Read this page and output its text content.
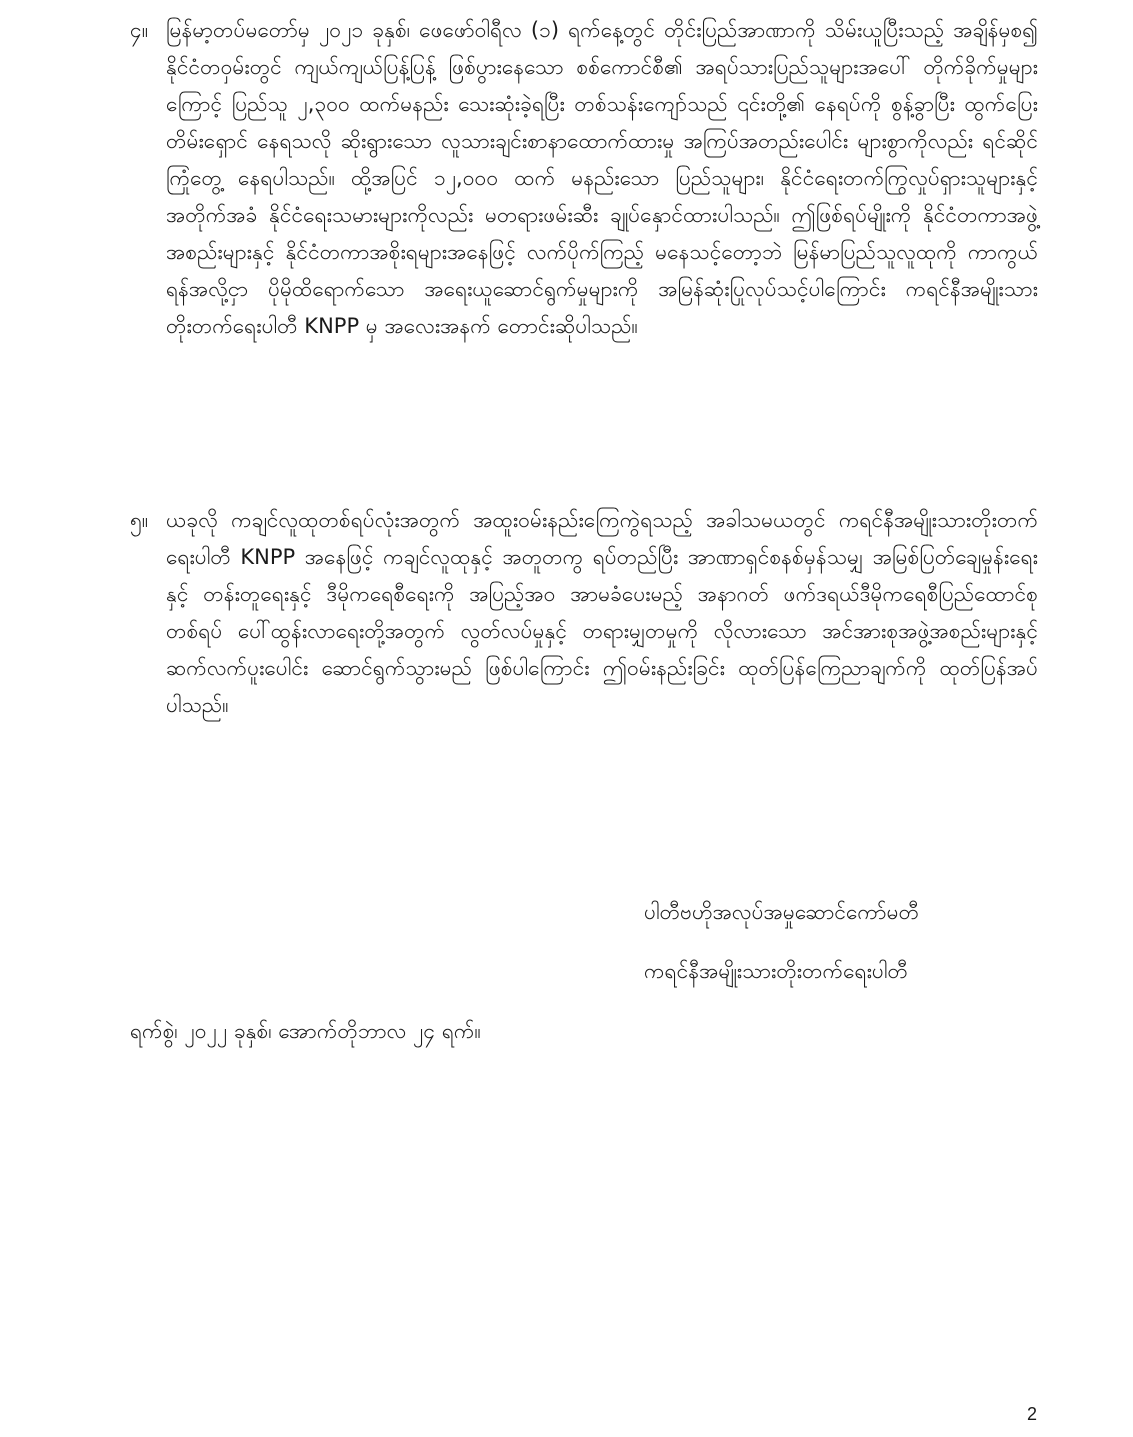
၄။ မြန်မာ့တပ်မတော်မှ ၂၀၂၁ ခုနှစ်၊ ဖေဖော်ဝါရီလ (၁) ရက်နေ့တွင် တိုင်းပြည်အာဏာကို သိမ်းယူပြီးသည့် အချိန်မှစ၍ နိုင်ငံတဝှမ်းတွင် ကျယ်ကျယ်ပြန့်ပြန့် ဖြစ်ပွားနေသော စစ်ကောင်စီ၏ အရပ်သားပြည်သူများအပေါ် တိုက်ခိုက်မှုများကြောင့် ပြည်သူ ၂,၃၀၀ ထက်မနည်း သေးဆုံးခဲ့ရပြီး တစ်သန်းကျော်သည် ၎င်းတို့၏ နေရပ်ကို စွန့်ခွာပြီး ထွက်ပြေးတိမ်းရှောင် နေရသလို ဆိုးရွားသော လူသားချင်းစာနာထောက်ထားမှု အကြပ်အတည်းပေါင်း များစွာကိုလည်း ရင်ဆိုင်ကြုံတွေ့ နေရပါသည်။ ထို့အပြင် ၁၂,၀၀၀ ထက် မနည်းသော ပြည်သူများ၊ နိုင်ငံရေးတက်ကြွလှုပ်ရှားသူများနှင့် အတိုက်အခံ နိုင်ငံရေးသမားများကိုလည်း မတရားဖမ်းဆီး ချုပ်နှောင်ထားပါသည်။ ဤဖြစ်ရပ်မျိုးကို နိုင်ငံတကာအဖွဲ့အစည်းများနှင့် နိုင်ငံတကာအစိုးရများအနေဖြင့် လက်ပိုက်ကြည့် မနေသင့်တော့ဘဲ မြန်မာပြည်သူလူထုကို ကာကွယ်ရန်အလို့ငှာ ပိုမိုထိရောက်သော အရေးယူဆောင်ရွက်မှုများကို အမြန်ဆုံးပြုလုပ်သင့်ပါကြောင်း ကရင်နီအမျိုးသားတိုးတက်ရေးပါတီ KNPP မှ အလေးအနက် တောင်းဆိုပါသည်။
၅။ ယခုလို ကချင်လူထုတစ်ရပ်လုံးအတွက် အထူးဝမ်းနည်းကြေကွဲရသည့် အခါသမယတွင် ကရင်နီအမျိုးသားတိုးတက်ရေးပါတီ KNPP အနေဖြင့် ကချင်လူထုနှင့် အတူတကွ ရပ်တည်ပြီး အာဏာရှင်စနစ်မှန်သမျှ အမြစ်ပြတ်ချေမှုန်းရေးနှင့် တန်းတူရေးနှင့် ဒီမိုကရေစီရေးကို အပြည့်အဝ အာမခံပေးမည့် အနာဂတ် ဖက်ဒရယ်ဒီမိုကရေစီပြည်ထောင်စုတစ်ရပ် ပေါ်ထွန်းလာရေးတို့အတွက် လွတ်လပ်မှုနှင့် တရားမျှတမှုကို လိုလားသော အင်အားစုအဖွဲ့အစည်းများနှင့် ဆက်လက်ပူးပေါင်း ဆောင်ရွက်သွားမည် ဖြစ်ပါကြောင်း ဤဝမ်းနည်းခြင်း ထုတ်ပြန်ကြေညာချက်ကို ထုတ်ပြန်အပ်ပါသည်။
ပါတီဗဟိုအလုပ်အမှုဆောင်ကော်မတီ
ကရင်နီအမျိုးသားတိုးတက်ရေးပါတီ
ရက်စွဲ၊ ၂၀၂၂ ခုနှစ်၊ အောက်တိုဘာလ ၂၄ ရက်။
2
